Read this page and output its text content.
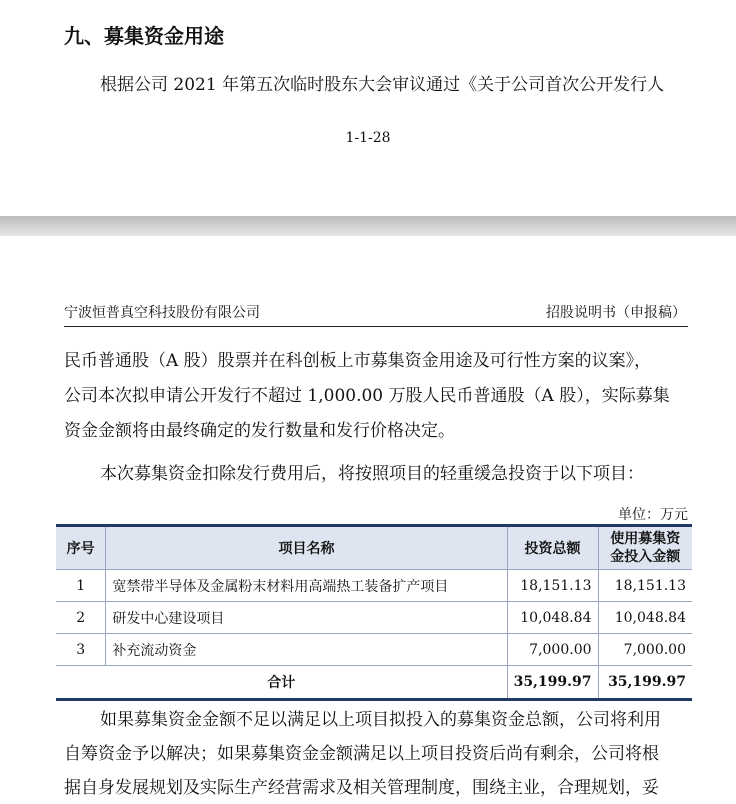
九、募集资金用途
根据公司 2021 年第五次临时股东大会审议通过《关于公司首次公开发行人
1-1-28
宁波恒普真空科技股份有限公司	招股说明书（申报稿）
民币普通股（A 股）股票并在科创板上市募集资金用途及可行性方案的议案》，
公司本次拟申请公开发行不超过 1,000.00 万股人民币普通股（A 股），实际募集
资金金额将由最终确定的发行数量和发行价格决定。
本次募集资金扣除发行费用后，将按照项目的轻重缓急投资于以下项目：
单位：万元
序号	项目名称	投资总额	使用募集资金投入金额
1	宽禁带半导体及金属粉末材料用高端热工装备扩产项目	18,151.13	18,151.13
2	研发中心建设项目	10,048.84	10,048.84
3	补充流动资金	7,000.00	7,000.00
合计		35,199.97	35,199.97
如果募集资金金额不足以满足以上项目拟投入的募集资金总额，公司将利用
自筹资金予以解决；如果募集资金金额满足以上项目投资后尚有剩余，公司将根
据自身发展规划及实际生产经营需求及相关管理制度，围绕主业，合理规划，妥
